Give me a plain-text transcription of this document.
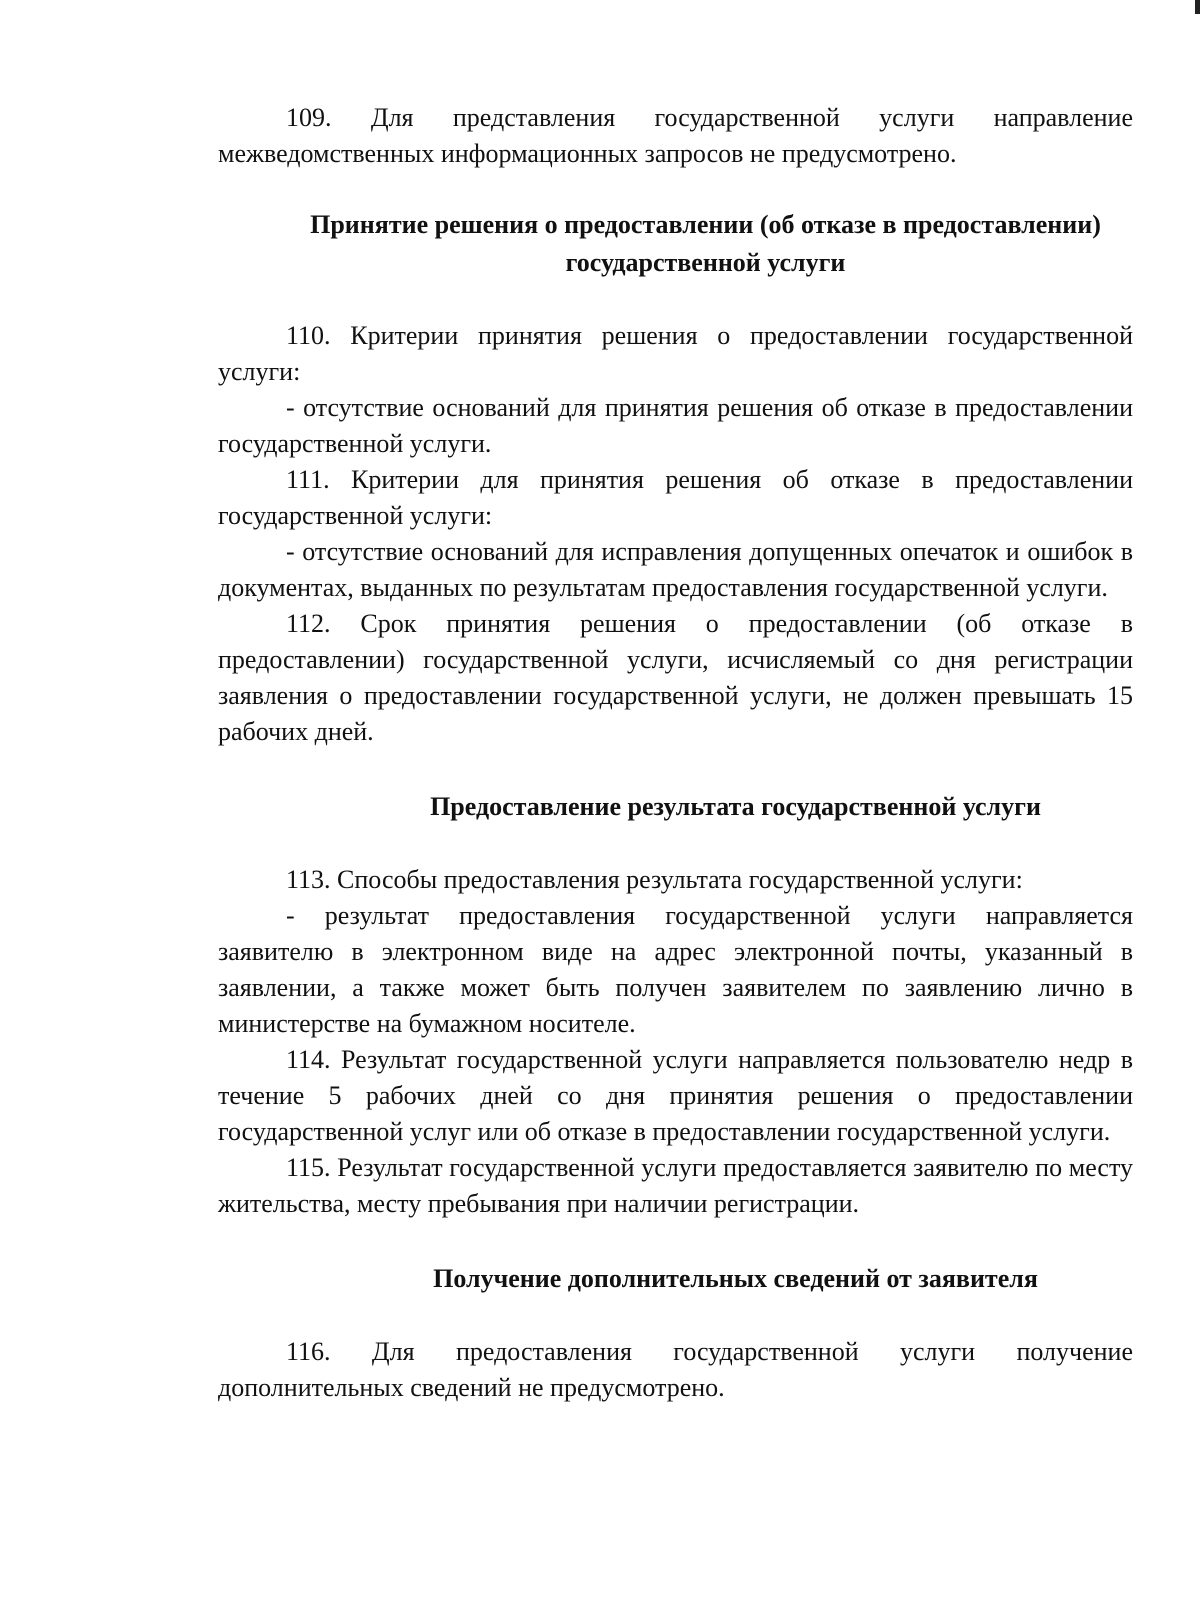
109. Для представления государственной услуги направление межведомственных информационных запросов не предусмотрено.

Принятие решения о предоставлении (об отказе в предоставлении) государственной услуги

110. Критерии принятия решения о предоставлении государственной услуги:

- отсутствие оснований для принятия решения об отказе в предоставлении государственной услуги.

111. Критерии для принятия решения об отказе в предоставлении государственной услуги:

- отсутствие оснований для исправления допущенных опечаток и ошибок в документах, выданных по результатам предоставления государственной услуги.

112. Срок принятия решения о предоставлении (об отказе в предоставлении) государственной услуги, исчисляемый со дня регистрации заявления о предоставлении государственной услуги, не должен превышать 15 рабочих дней.

Предоставление результата государственной услуги

113. Способы предоставления результата государственной услуги:

- результат предоставления государственной услуги направляется заявителю в электронном виде на адрес электронной почты, указанный в заявлении, а также может быть получен заявителем по заявлению лично в министерстве на бумажном носителе.

114. Результат государственной услуги направляется пользователю недр в течение 5 рабочих дней со дня принятия решения о предоставлении государственной услуг или об отказе в предоставлении государственной услуги.

115. Результат государственной услуги предоставляется заявителю по месту жительства, месту пребывания при наличии регистрации.

Получение дополнительных сведений от заявителя

116. Для предоставления государственной услуги получение дополнительных сведений не предусмотрено.
